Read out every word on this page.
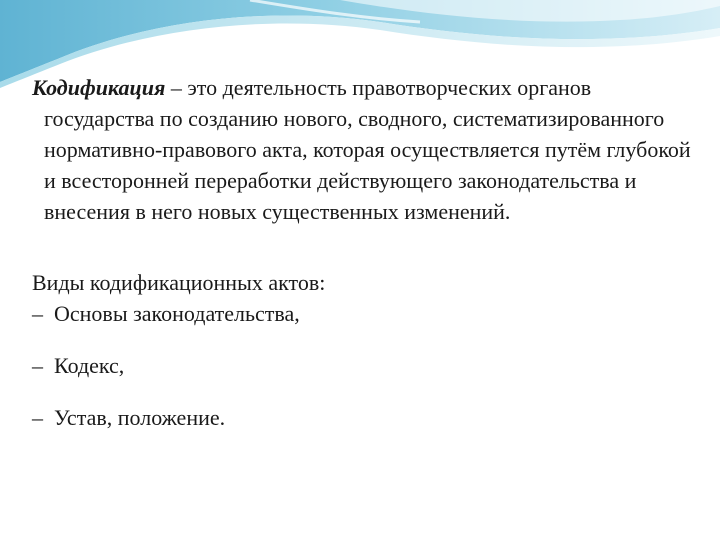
Кодификация – это деятельность правотворческих органов государства по созданию нового, сводного, систематизированного нормативно-правового акта, которая осуществляется путём глубокой и всесторонней переработки действующего законодательства и внесения в него новых существенных изменений.

Виды кодификационных актов:

– Основы законодательства,
– Кодекс,
– Устав, положение.
